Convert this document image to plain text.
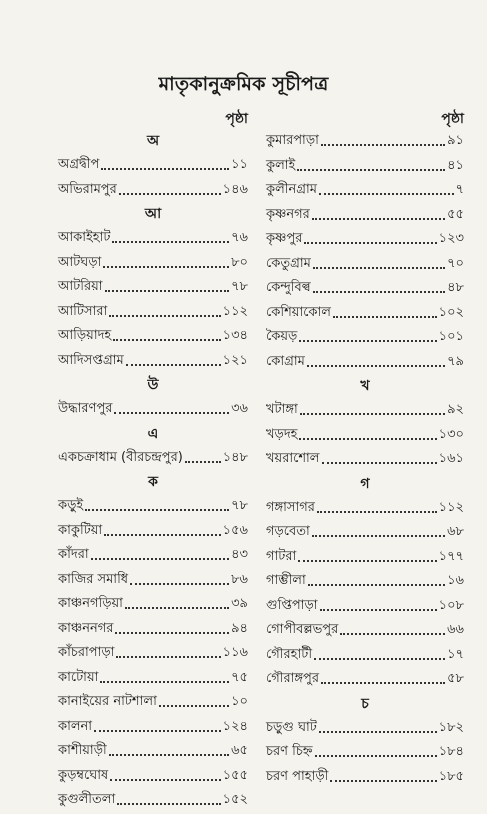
মাতৃকানুক্রমিক সূচীপত্র
পৃষ্ঠা
অ
অগ্রদ্বীপ	১১
অভিরামপুর	১৪৬
আ
আকাইহাট	৭৬
আটঘড়া	৮০
আটরিয়া	৭৮
আটিসারা	১১২
আড়িয়াদহ	১৩৪
আদিসপ্তগ্রাম	১২১
উ
উদ্ধারণপুর	৩৬
এ
একচক্রাধাম (বীরচন্দ্রপুর)	১৪৮
ক
কড়ুই	৭৮
কাকুটিয়া	১৫৬
কাঁদরা	৪৩
কাজির সমাধি	৮৬
কাঞ্চনগড়িয়া	৩৯
কাঞ্চননগর	৯৪
কাঁচরাপাড়া	১১৬
কাটোয়া	৭৫
কানাইয়ের নাটশালা	১০
কালনা	১২৪
কাশীয়াড়ী	৬৫
কুড়ম্বঘোষ	১৫৫
কুগুলীতলা	১৫২
পৃষ্ঠা
কুমারপাড়া	৯১
কুলাই	৪১
কুলীনগ্রাম	৭
কৃষ্ণনগর	৫৫
কৃষ্ণপুর	১২৩
কেতুগ্রাম	৭০
কেন্দুবিল্ব	৪৮
কেশিয়াকোল	১০২
কৈয়ড়	১০১
কোগ্রাম	৭৯
খ
খটাঙ্গা	৯২
খড়দহ	১৩০
খয়রাশোল	১৬১
গ
গঙ্গাসাগর	১১২
গড়বেতা	৬৮
গাটরা	১৭৭
গাম্ভীলা	১৬
গুপ্তিপাড়া	১০৮
গোপীবল্লভপুর	৬৬
গৌরহাটী	১৭
গৌরাঙ্গপুর	৫৮
চ
চড়ুগু ঘাট	১৮২
চরণ চিহ্ন	১৮৪
চরণ পাহাড়ী	১৮৫
